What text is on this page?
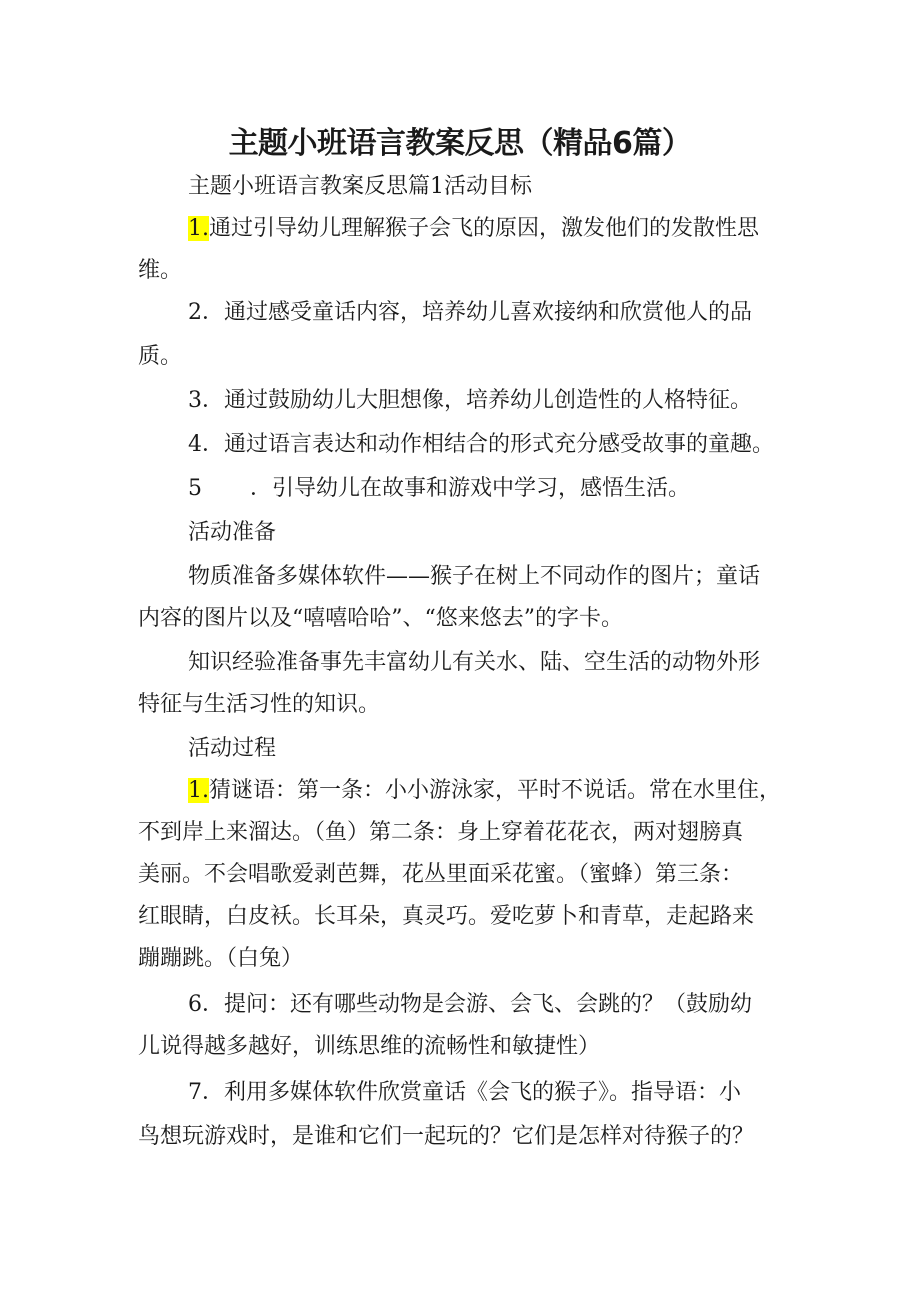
主题小班语言教案反思（精品6篇）

主题小班语言教案反思篇1活动目标

1.通过引导幼儿理解猴子会飞的原因，激发他们的发散性思

维。

2．通过感受童话内容，培养幼儿喜欢接纳和欣赏他人的品

质。

3．通过鼓励幼儿大胆想像，培养幼儿创造性的人格特征。

4．通过语言表达和动作相结合的形式充分感受故事的童趣。

5 ．引导幼儿在故事和游戏中学习，感悟生活。

活动准备

物质准备多媒体软件——猴子在树上不同动作的图片；童话

内容的图片以及“嘻嘻哈哈”、“悠来悠去”的字卡。

知识经验准备事先丰富幼儿有关水、陆、空生活的动物外形

特征与生活习性的知识。

活动过程

1.猜谜语：第一条：小小游泳家，平时不说话。常在水里住，

不到岸上来溜达。（鱼）第二条：身上穿着花花衣，两对翅膀真

美丽。不会唱歌爱剥芭舞，花丛里面采花蜜。（蜜蜂）第三条：

红眼睛，白皮袄。长耳朵，真灵巧。爱吃萝卜和青草，走起路来

蹦蹦跳。（白兔）

6．提问：还有哪些动物是会游、会飞、会跳的？（鼓励幼

儿说得越多越好，训练思维的流畅性和敏捷性）

7．利用多媒体软件欣赏童话《会飞的猴子》。指导语：小

鸟想玩游戏时，是谁和它们一起玩的？它们是怎样对待猴子的？
